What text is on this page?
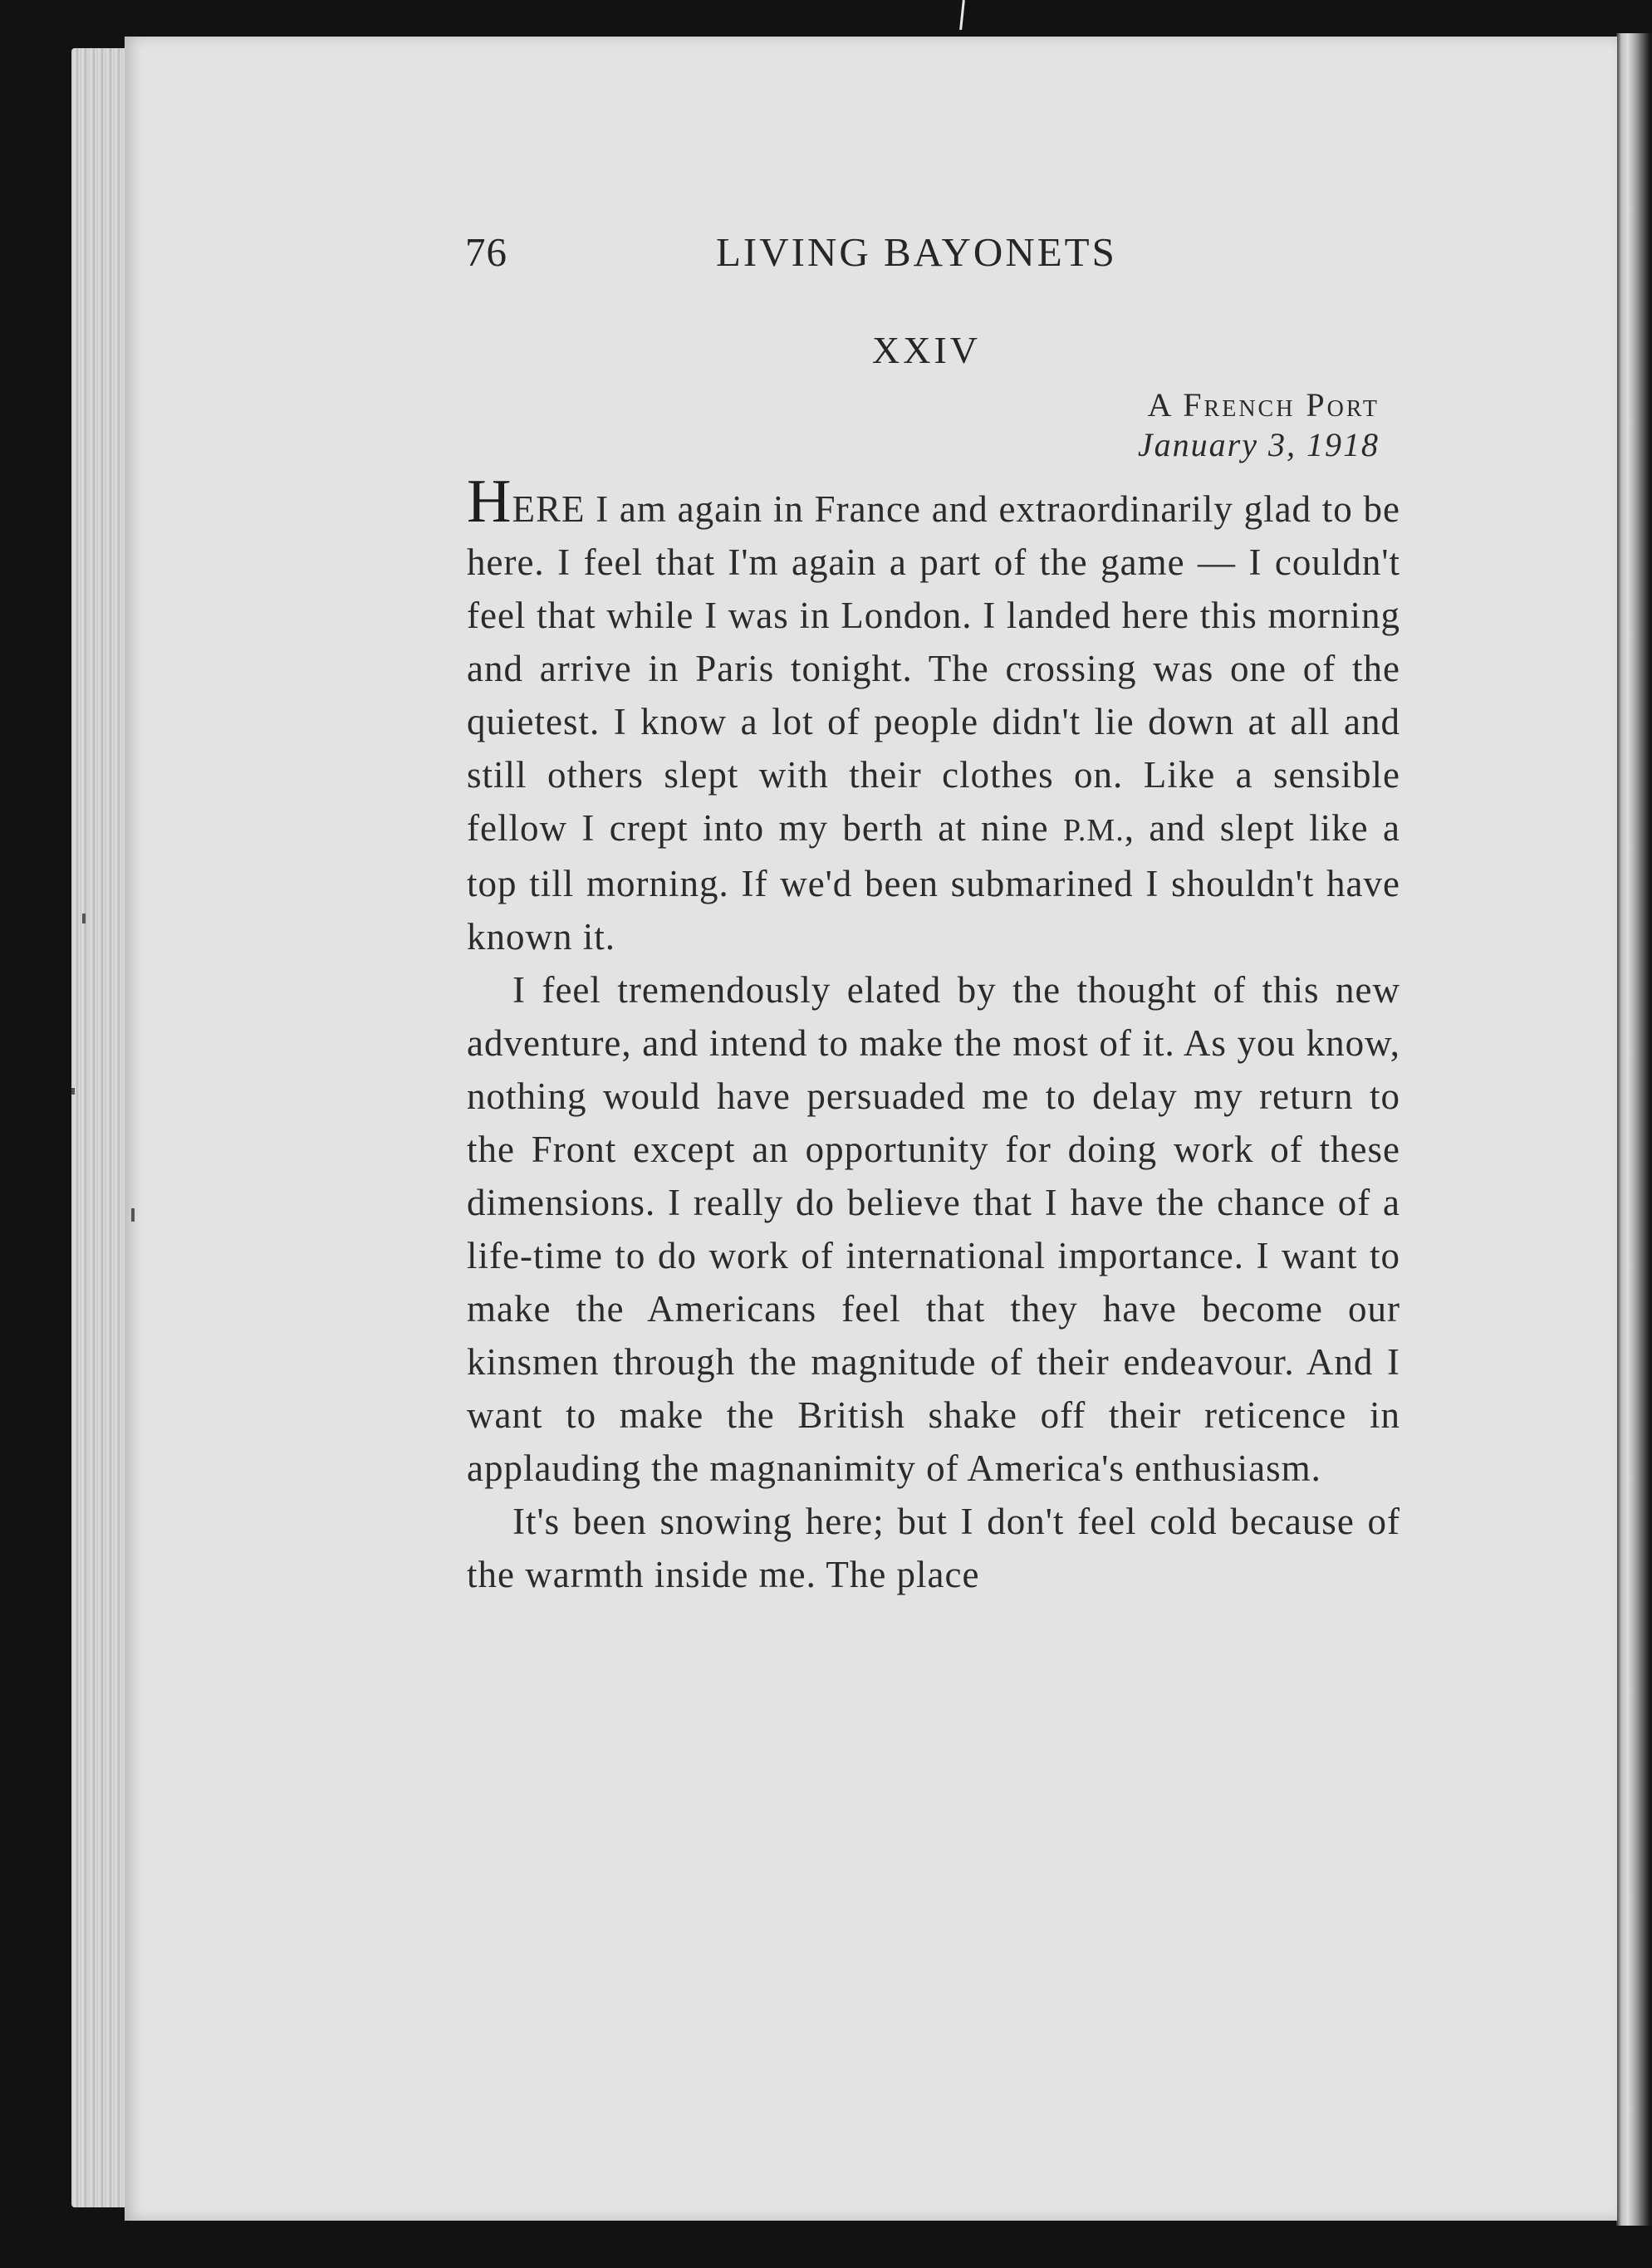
76	LIVING BAYONETS
XXIV
A French Port
January 3, 1918

HERE I am again in France and extraordinarily glad to be here. I feel that I'm again a part of the game — I couldn't feel that while I was in London. I landed here this morning and arrive in Paris tonight. The crossing was one of the quietest. I know a lot of people didn't lie down at all and still others slept with their clothes on. Like a sensible fellow I crept into my berth at nine P.M., and slept like a top till morning. If we'd been submarined I shouldn't have known it.

I feel tremendously elated by the thought of this new adventure, and intend to make the most of it. As you know, nothing would have persuaded me to delay my return to the Front except an opportunity for doing work of these dimensions. I really do believe that I have the chance of a life-time to do work of international importance. I want to make the Americans feel that they have become our kinsmen through the magnitude of their endeavour. And I want to make the British shake off their reticence in applauding the magnanimity of America's enthusiasm.

It's been snowing here; but I don't feel cold because of the warmth inside me. The place
